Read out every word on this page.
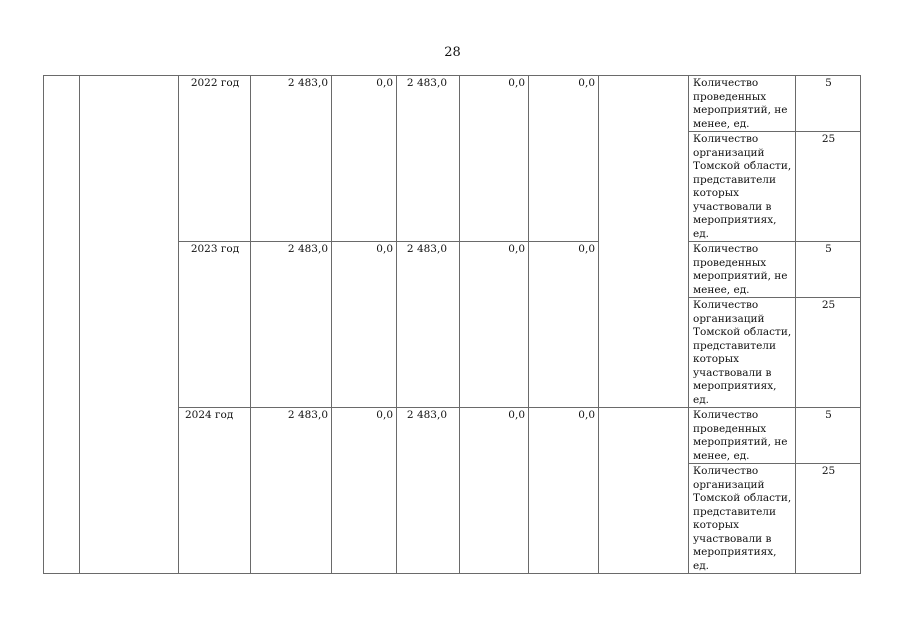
28
		2022 год	2 483,0	0,0	2 483,0	0,0	0,0		Количество проведенных мероприятий, не менее, ед.	5
									Количество организаций Томской области, представители которых участвовали в мероприятиях, ед.	25
		2023 год	2 483,0	0,0	2 483,0	0,0	0,0		Количество проведенных мероприятий, не менее, ед.	5
									Количество организаций Томской области, представители которых участвовали в мероприятиях, ед.	25
		2024 год	2 483,0	0,0	2 483,0	0,0	0,0		Количество проведенных мероприятий, не менее, ед.	5
									Количество организаций Томской области, представители которых участвовали в мероприятиях, ед.	25
